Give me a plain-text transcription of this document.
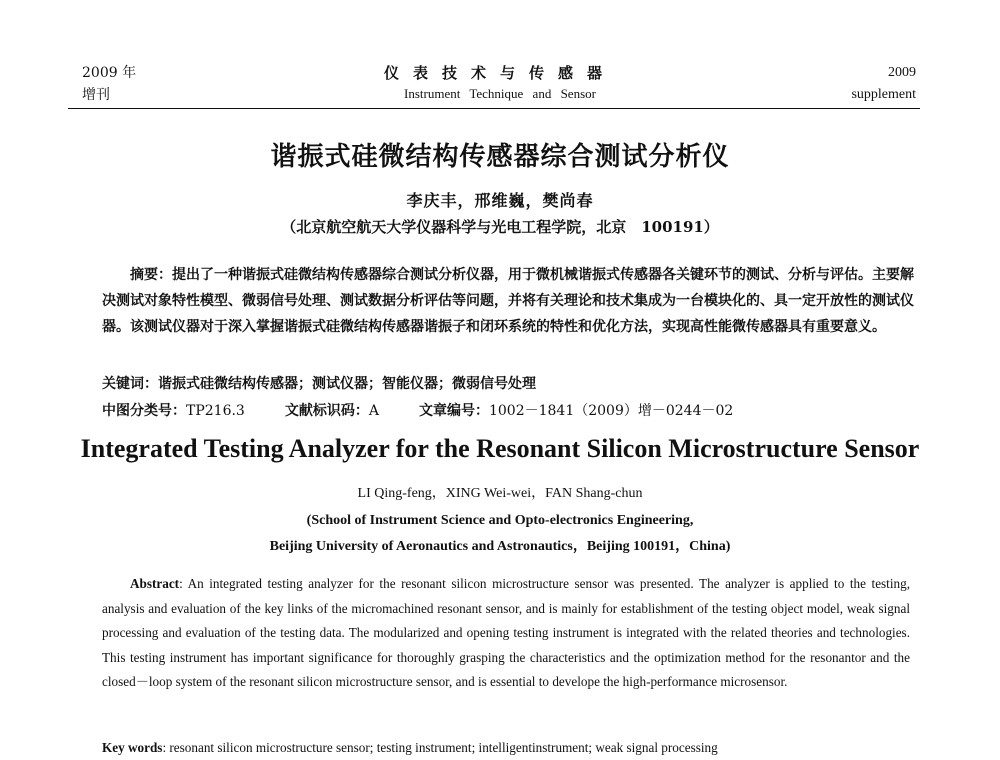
2009 年
增刊
仪表技术与传感器
Instrument Technique and Sensor
2009
supplement
谐振式硅微结构传感器综合测试分析仪
李庆丰，邢维巍，樊尚春
（北京航空航天大学仪器科学与光电工程学院，北京　100191）
摘要：提出了一种谐振式硅微结构传感器综合测试分析仪器，用于微机械谐振式传感器各关键环节的测试、分析与评估。主要解决测试对象特性模型、微弱信号处理、测试数据分析评估等问题，并将有关理论和技术集成为一台模块化的、具一定开放性的测试仪器。该测试仪器对于深入掌握谐振式硅微结构传感器谐振子和闭环系统的特性和优化方法，实现高性能微传感器具有重要意义。
关键词：谐振式硅微结构传感器；测试仪器；智能仪器；微弱信号处理
中图分类号：TP216.3	文献标识码：A	文章编号：1002－1841（2009）增－0244－02
Integrated Testing Analyzer for the Resonant Silicon Microstructure Sensor
LI Qing-feng，XING Wei-wei，FAN Shang-chun
(School of Instrument Science and Opto-electronics Engineering,
Beijing University of Aeronautics and Astronautics，Beijing 100191，China)
Abstract: An integrated testing analyzer for the resonant silicon microstructure sensor was presented. The analyzer is applied to the testing, analysis and evaluation of the key links of the micromachined resonant sensor, and is mainly for establishment of the testing object model, weak signal processing and evaluation of the testing data. The modularized and opening testing instrument is integrated with the related theories and technologies. This testing instrument has important significance for thoroughly grasping the characteristics and the optimization method for the resonantor and the closed－loop system of the resonant silicon microstructure sensor, and is essential to develope the high-performance microsensor.
Key words: resonant silicon microstructure sensor; testing instrument; intelligentinstrument; weak signal processing
